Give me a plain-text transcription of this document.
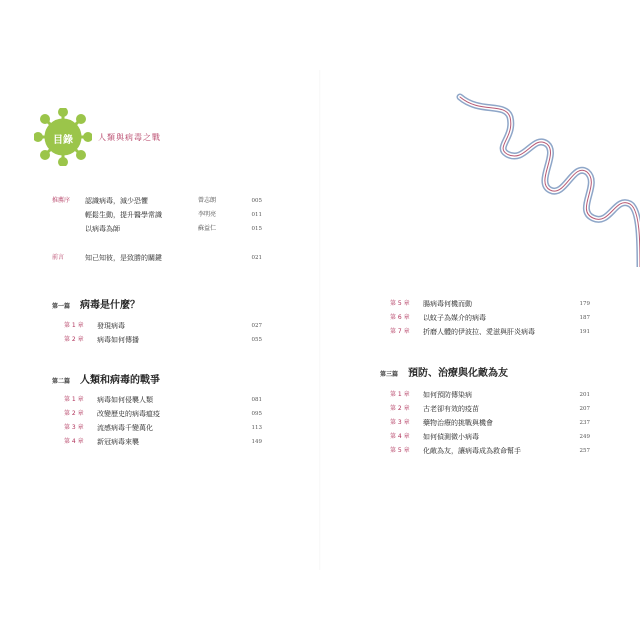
目錄	人類與病毒之戰
推薦序 認識病毒，減少恐懼	曾志朗	005
輕鬆生動，提升醫學常識	李明亮	011
以病毒為師	蘇益仁	015
前言	知己知彼，是致勝的關鍵	021
第一篇 病毒是什麼？
第 1 章 發現病毒	027
第 2 章 病毒如何傳播	055
第二篇 人類和病毒的戰爭
第 1 章 病毒如何侵襲人類	081
第 2 章 改變歷史的病毒瘟疫	095
第 3 章 流感病毒千變萬化	113
第 4 章 新冠病毒來襲	149
第 5 章 腸病毒何機而動	179
第 6 章 以蚊子為媒介的病毒	187
第 7 章 折磨人體的伊波拉、愛滋與肝炎病毒	191
第三篇 預防、治療與化敵為友
第 1 章 如何預防傳染病	201
第 2 章 古老卻有效的疫苗	207
第 3 章 藥物治療的挑戰與機會	237
第 4 章 如何偵測微小病毒	249
第 5 章 化敵為友，讓病毒成為救命幫手	257
